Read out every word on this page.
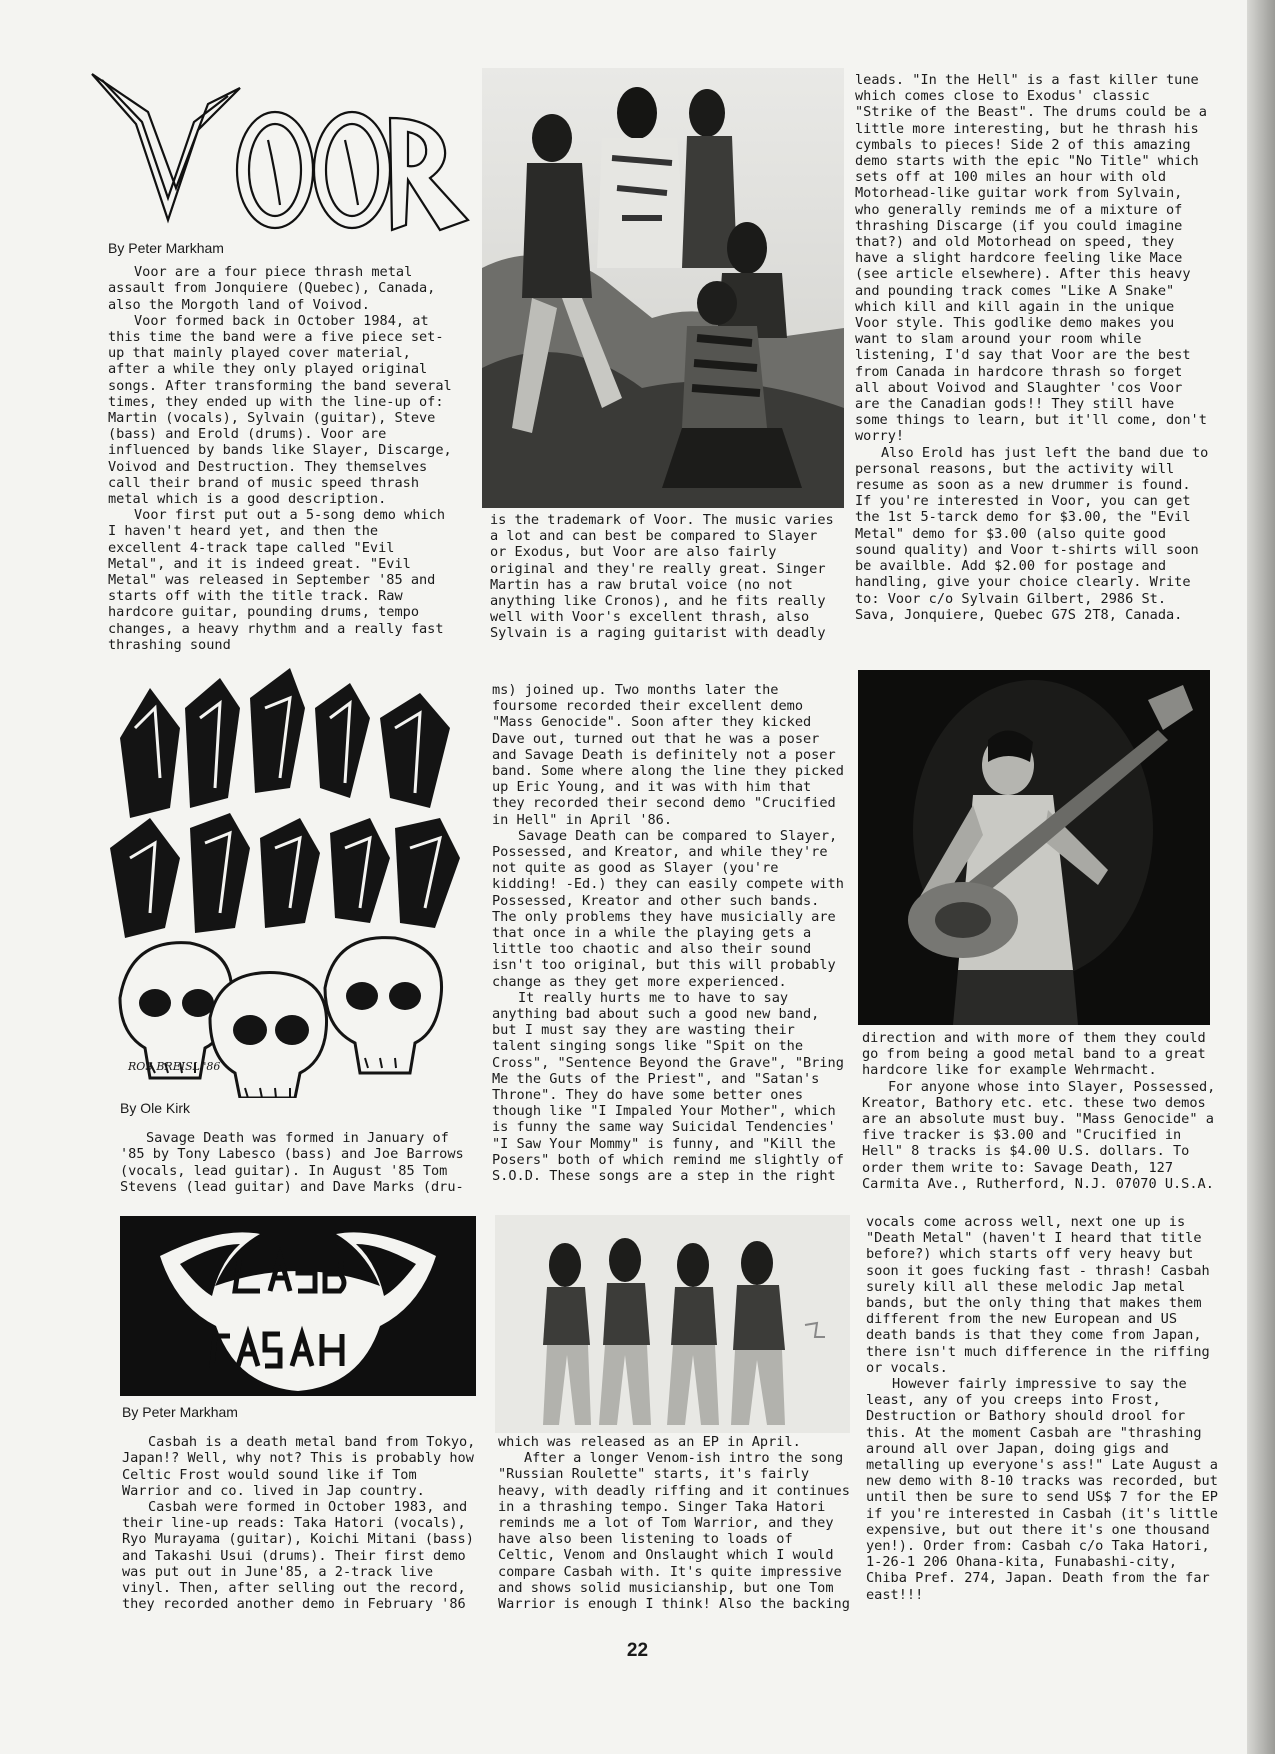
By Peter Markham

Voor are a four piece thrash metal assault from Jonquiere (Quebec), Canada, also the Morgoth land of Voivod.

Voor formed back in October 1984, at this time the band were a five piece set-up that mainly played cover material, after a while they only played original songs. After transforming the band several times, they ended up with the line-up of: Martin (vocals), Sylvain (guitar), Steve (bass) and Erold (drums). Voor are influenced by bands like Slayer, Discarge, Voivod and Destruction. They themselves call their brand of music speed thrash metal which is a good description.

Voor first put out a 5-song demo which I haven't heard yet, and then the excellent 4-track tape called "Evil Metal", and it is indeed great. "Evil Metal" was released in September '85 and starts off with the title track. Raw hardcore guitar, pounding drums, tempo changes, a heavy rhythm and a really fast thrashing sound

is the trademark of Voor. The music varies a lot and can best be compared to Slayer or Exodus, but Voor are also fairly original and they're really great. Singer Martin has a raw brutal voice (no not anything like Cronos), and he fits really well with Voor's excellent thrash, also Sylvain is a raging guitarist with deadly

leads. "In the Hell" is a fast killer tune which comes close to Exodus' classic "Strike of the Beast". The drums could be a little more interesting, but he thrash his cymbals to pieces! Side 2 of this amazing demo starts with the epic "No Title" which sets off at 100 miles an hour with old Motorhead-like guitar work from Sylvain, who generally reminds me of a mixture of thrashing Discarge (if you could imagine that?) and old Motorhead on speed, they have a slight hardcore feeling like Mace (see article elsewhere). After this heavy and pounding track comes "Like A Snake" which kill and kill again in the unique Voor style. This godlike demo makes you want to slam around your room while listening, I'd say that Voor are the best from Canada in hardcore thrash so forget all about Voivod and Slaughter 'cos Voor are the Canadian gods!! They still have some things to learn, but it'll come, don't worry!

Also Erold has just left the band due to personal reasons, but the activity will resume as soon as a new drummer is found. If you're interested in Voor, you can get the 1st 5-tarck demo for $3.00, the "Evil Metal" demo for $3.00 (also quite good sound quality) and Voor t-shirts will soon be availble. Add $2.00 for postage and handling, give your choice clearly. Write to: Voor c/o Sylvain Gilbert, 2986 St. Sava, Jonquiere, Quebec G7S 2T8, Canada.

ROS BREISL '86
By Ole Kirk

Savage Death was formed in January of '85 by Tony Labesco (bass) and Joe Barrows (vocals, lead guitar). In August '85 Tom Stevens (lead guitar) and Dave Marks (dru-

ms) joined up. Two months later the foursome recorded their excellent demo "Mass Genocide". Soon after they kicked Dave out, turned out that he was a poser and Savage Death is definitely not a poser band. Some where along the line they picked up Eric Young, and it was with him that they recorded their second demo "Crucified in Hell" in April '86.

Savage Death can be compared to Slayer, Possessed, and Kreator, and while they're not quite as good as Slayer (you're kidding! -Ed.) they can easily compete with Possessed, Kreator and other such bands. The only problems they have musicially are that once in a while the playing gets a little too chaotic and also their sound isn't too original, but this will probably change as they get more experienced.

It really hurts me to have to say anything bad about such a good new band, but I must say they are wasting their talent singing songs like "Spit on the Cross", "Sentence Beyond the Grave", "Bring Me the Guts of the Priest", and "Satan's Throne". They do have some better ones though like "I Impaled Your Mother", which is funny the same way Suicidal Tendencies' "I Saw Your Mommy" is funny, and "Kill the Posers" both of which remind me slightly of S.O.D. These songs are a step in the right

direction and with more of them they could go from being a good metal band to a great hardcore like for example Wehrmacht.

For anyone whose into Slayer, Possessed, Kreator, Bathory etc. etc. these two demos are an absolute must buy. "Mass Genocide" a five tracker is $3.00 and "Crucified in Hell" 8 tracks is $4.00 U.S. dollars. To order them write to: Savage Death, 127 Carmita Ave., Rutherford, N.J. 07070 U.S.A.

By Peter Markham

Casbah is a death metal band from Tokyo, Japan!? Well, why not? This is probably how Celtic Frost would sound like if Tom Warrior and co. lived in Jap country.

Casbah were formed in October 1983, and their line-up reads: Taka Hatori (vocals), Ryo Murayama (guitar), Koichi Mitani (bass) and Takashi Usui (drums). Their first demo was put out in June'85, a 2-track live vinyl. Then, after selling out the record, they recorded another demo in February '86

which was released as an EP in April.

After a longer Venom-ish intro the song "Russian Roulette" starts, it's fairly heavy, with deadly riffing and it continues in a thrashing tempo. Singer Taka Hatori reminds me a lot of Tom Warrior, and they have also been listening to loads of Celtic, Venom and Onslaught which I would compare Casbah with. It's quite impressive and shows solid musicianship, but one Tom Warrior is enough I think! Also the backing

vocals come across well, next one up is "Death Metal" (haven't I heard that title before?) which starts off very heavy but soon it goes fucking fast - thrash! Casbah surely kill all these melodic Jap metal bands, but the only thing that makes them different from the new European and US death bands is that they come from Japan, there isn't much difference in the riffing or vocals.

However fairly impressive to say the least, any of you creeps into Frost, Destruction or Bathory should drool for this. At the moment Casbah are "thrashing around all over Japan, doing gigs and metalling up everyone's ass!" Late August a new demo with 8-10 tracks was recorded, but until then be sure to send US$ 7 for the EP if you're interested in Casbah (it's little expensive, but out there it's one thousand yen!). Order from: Casbah c/o Taka Hatori, 1-26-1 206 Ohana-kita, Funabashi-city, Chiba Pref. 274, Japan. Death from the far east!!!

22
